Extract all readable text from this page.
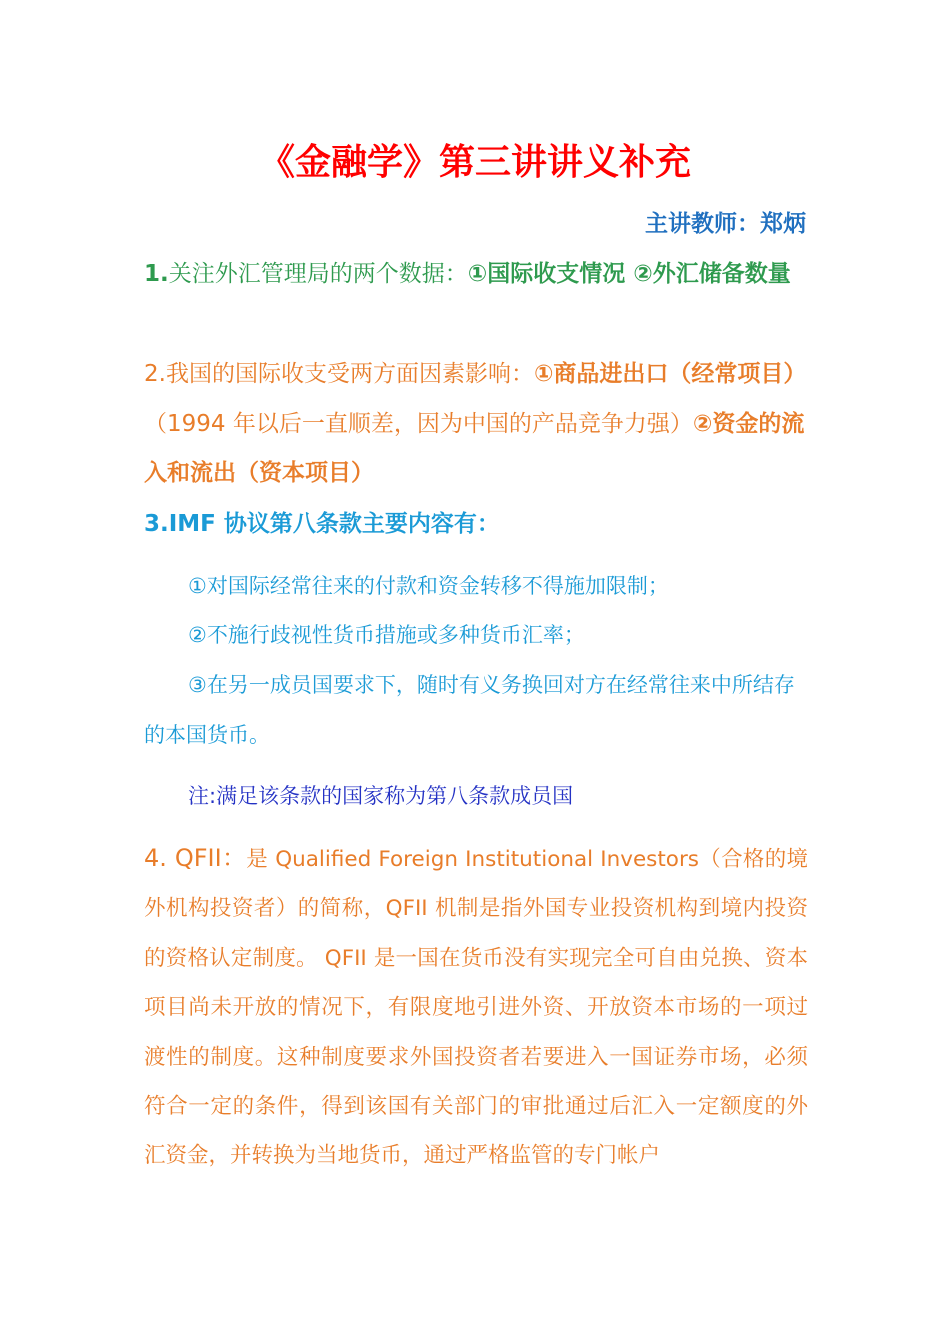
《金融学》第三讲讲义补充
主讲教师：郑炳

1.关注外汇管理局的两个数据：①国际收支情况 ②外汇储备数量

2.我国的国际收支受两方面因素影响：①商品进出口（经常项目）（1994 年以后一直顺差，因为中国的产品竞争力强）②资金的流入和流出（资本项目）

3.IMF 协议第八条款主要内容有：

①对国际经常往来的付款和资金转移不得施加限制；

②不施行歧视性货币措施或多种货币汇率；

③在另一成员国要求下，随时有义务换回对方在经常往来中所结存的本国货币。

注:满足该条款的国家称为第八条款成员国

4. QFII：是 Qualified Foreign Institutional Investors（合格的境外机构投资者）的简称，QFII 机制是指外国专业投资机构到境内投资的资格认定制度。 QFII 是一国在货币没有实现完全可自由兑换、资本项目尚未开放的情况下，有限度地引进外资、开放资本市场的一项过渡性的制度。这种制度要求外国投资者若要进入一国证券市场，必须符合一定的条件，得到该国有关部门的审批通过后汇入一定额度的外汇资金，并转换为当地货币，通过严格监管的专门帐户
